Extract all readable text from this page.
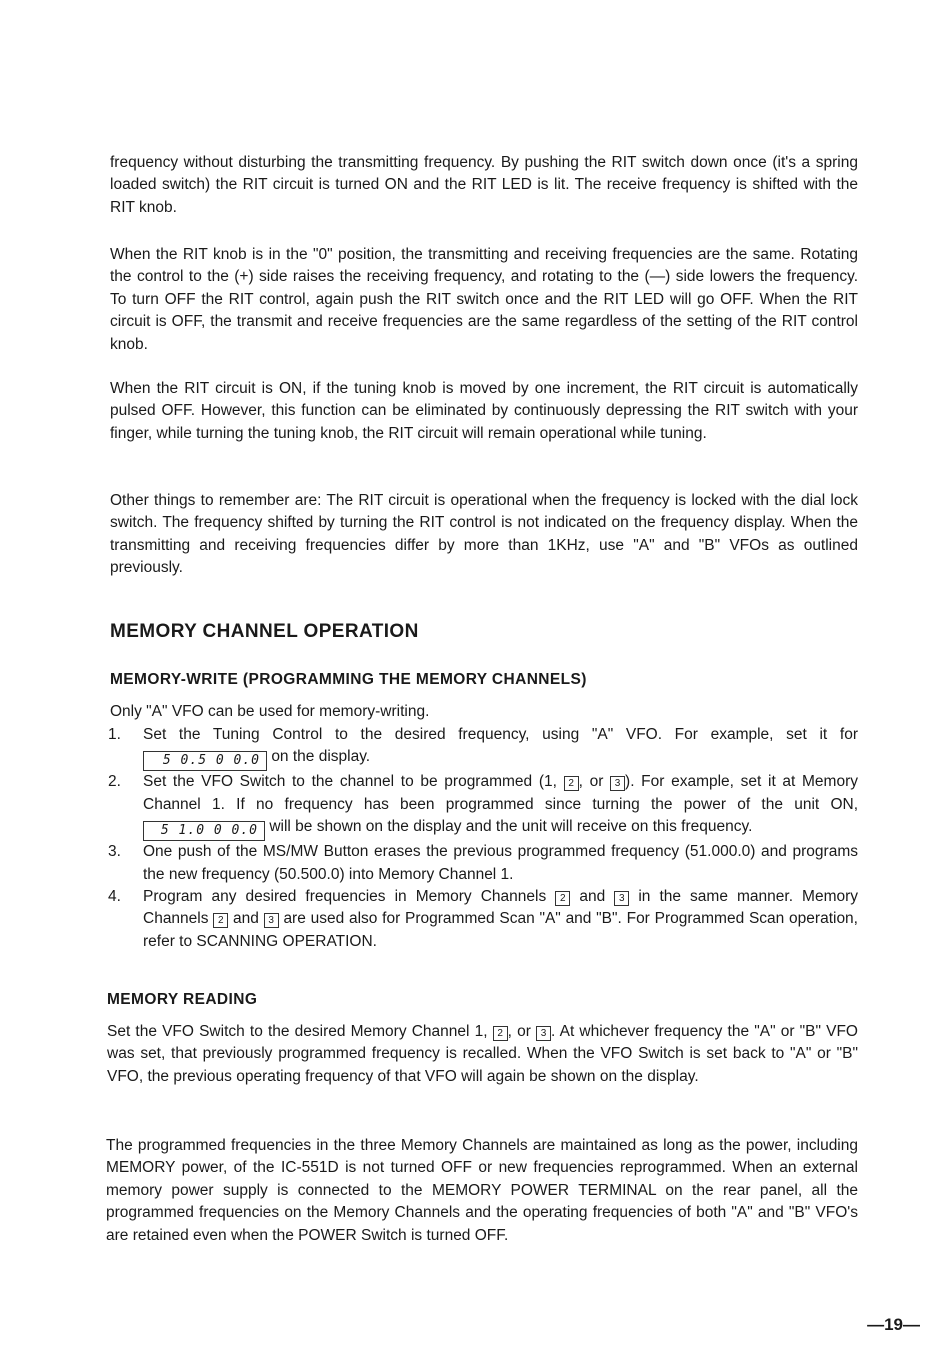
frequency without disturbing the transmitting frequency. By pushing the RIT switch down once (it's a spring loaded switch) the RIT circuit is turned ON and the RIT LED is lit. The receive frequency is shifted with the RIT knob.

When the RIT knob is in the "0" position, the transmitting and receiving frequencies are the same. Rotating the control to the (+) side raises the receiving frequency, and rotating to the (—) side lowers the frequency. To turn OFF the RIT control, again push the RIT switch once and the RIT LED will go OFF. When the RIT circuit is OFF, the transmit and receive frequencies are the same regardless of the setting of the RIT control knob.

When the RIT circuit is ON, if the tuning knob is moved by one increment, the RIT circuit is automatically pulsed OFF. However, this function can be eliminated by continuously depressing the RIT switch with your finger, while turning the tuning knob, the RIT circuit will remain operational while tuning.

Other things to remember are: The RIT circuit is operational when the frequency is locked with the dial lock switch. The frequency shifted by turning the RIT control is not indicated on the frequency display. When the transmitting and receiving frequencies differ by more than 1KHz, use "A" and "B" VFOs as outlined previously.

MEMORY CHANNEL OPERATION
MEMORY-WRITE (PROGRAMMING THE MEMORY CHANNELS)

Only "A" VFO can be used for memory-writing.

1. Set the Tuning Control to the desired frequency, using "A" VFO. For example, set it for 5 0.5 0 0.0 on the display.
2. Set the VFO Switch to the channel to be programmed (1, 2 , or 3 ). For example, set it at Memory Channel 1. If no frequency has been programmed since turning the power of the unit ON, 5 1.0 0 0.0 will be shown on the display and the unit will receive on this frequency.
3. One push of the MS/MW Button erases the previous programmed frequency (51.000.0) and programs the new frequency (50.500.0) into Memory Channel 1.
4. Program any desired frequencies in Memory Channels 2 and 3 in the same manner. Memory Channels 2 and 3 are used also for Programmed Scan "A" and "B". For Programmed Scan operation, refer to SCANNING OPERATION.
MEMORY READING

Set the VFO Switch to the desired Memory Channel 1, 2 , or 3 . At whichever frequency the "A" or "B" VFO was set, that previously programmed frequency is recalled. When the VFO Switch is set back to "A" or "B" VFO, the previous operating frequency of that VFO will again be shown on the display.

The programmed frequencies in the three Memory Channels are maintained as long as the power, including MEMORY power, of the IC-551D is not turned OFF or new frequencies reprogrammed. When an external memory power supply is connected to the MEMORY POWER TERMINAL on the rear panel, all the programmed frequencies on the Memory Channels and the operating frequencies of both "A" and "B" VFO's are retained even when the POWER Switch is turned OFF.

—19—
